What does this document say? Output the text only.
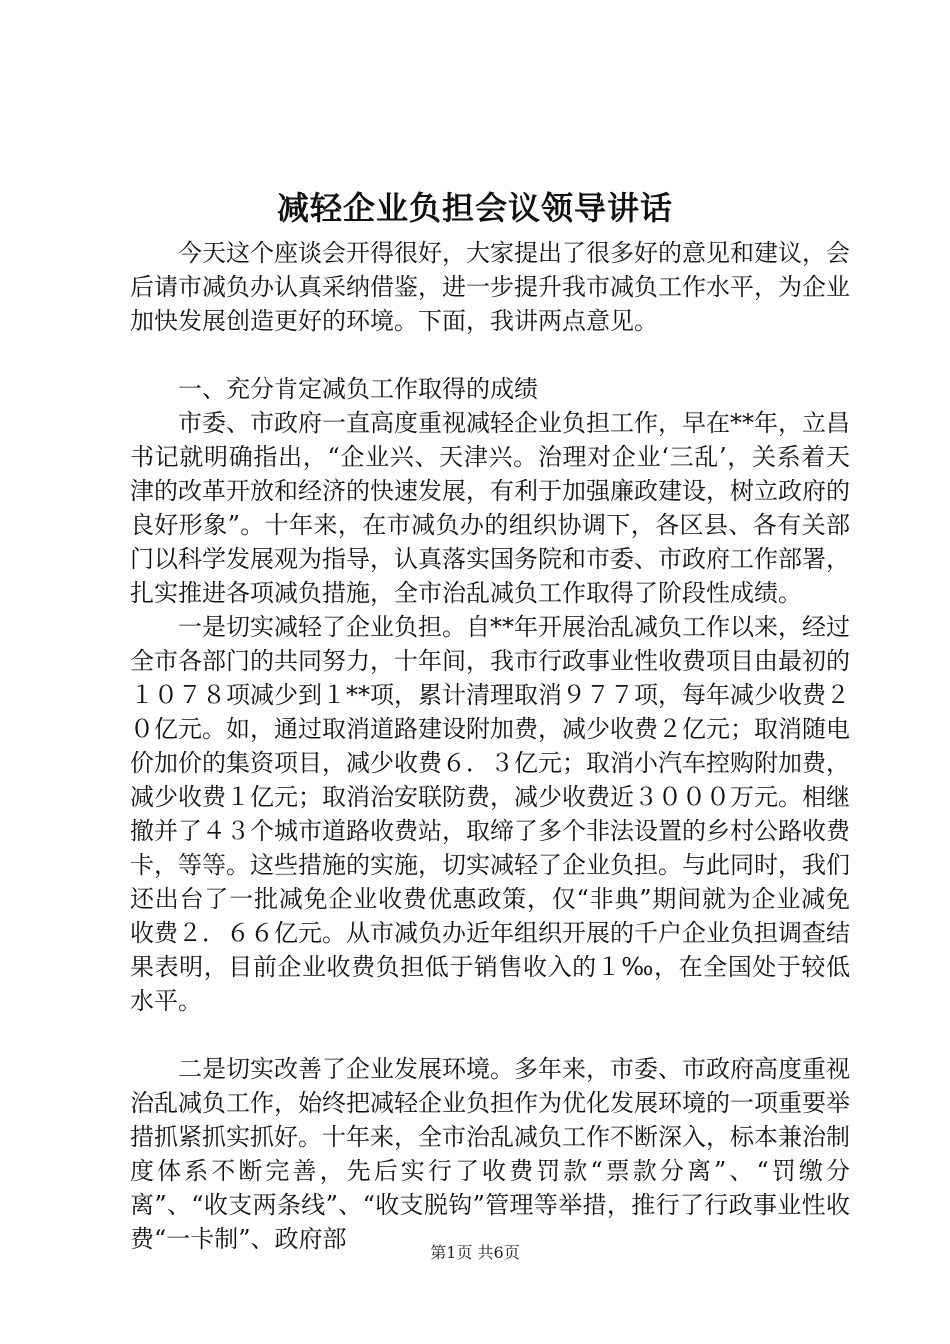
减轻企业负担会议领导讲话

今天这个座谈会开得很好，大家提出了很多好的意见和建议，会后请市减负办认真采纳借鉴，进一步提升我市减负工作水平，为企业加快发展创造更好的环境。下面，我讲两点意见。

一、充分肯定减负工作取得的成绩

市委、市政府一直高度重视减轻企业负担工作，早在**年，立昌书记就明确指出，“企业兴、天津兴。治理对企业‘三乱’，关系着天津的改革开放和经济的快速发展，有利于加强廉政建设，树立政府的良好形象”。十年来，在市减负办的组织协调下，各区县、各有关部门以科学发展观为指导，认真落实国务院和市委、市政府工作部署，扎实推进各项减负措施，全市治乱减负工作取得了阶段性成绩。

一是切实减轻了企业负担。自**年开展治乱减负工作以来，经过全市各部门的共同努力，十年间，我市行政事业性收费项目由最初的１０７８项减少到１**项，累计清理取消９７７项，每年减少收费２０亿元。如，通过取消道路建设附加费，减少收费２亿元；取消随电价加价的集资项目，减少收费６．３亿元；取消小汽车控购附加费，减少收费１亿元；取消治安联防费，减少收费近３０００万元。相继撤并了４３个城市道路收费站，取缔了多个非法设置的乡村公路收费卡，等等。这些措施的实施，切实减轻了企业负担。与此同时，我们还出台了一批减免企业收费优惠政策，仅“非典”期间就为企业减免收费２．６６亿元。从市减负办近年组织开展的千户企业负担调查结果表明，目前企业收费负担低于销售收入的１‰，在全国处于较低水平。

二是切实改善了企业发展环境。多年来，市委、市政府高度重视治乱减负工作，始终把减轻企业负担作为优化发展环境的一项重要举措抓紧抓实抓好。十年来，全市治乱减负工作不断深入，标本兼治制度体系不断完善，先后实行了收费罚款“票款分离”、“罚缴分离”、“收支两条线”、“收支脱钩”管理等举措，推行了行政事业性收费“一卡制”、政府部	第1页 共6页
